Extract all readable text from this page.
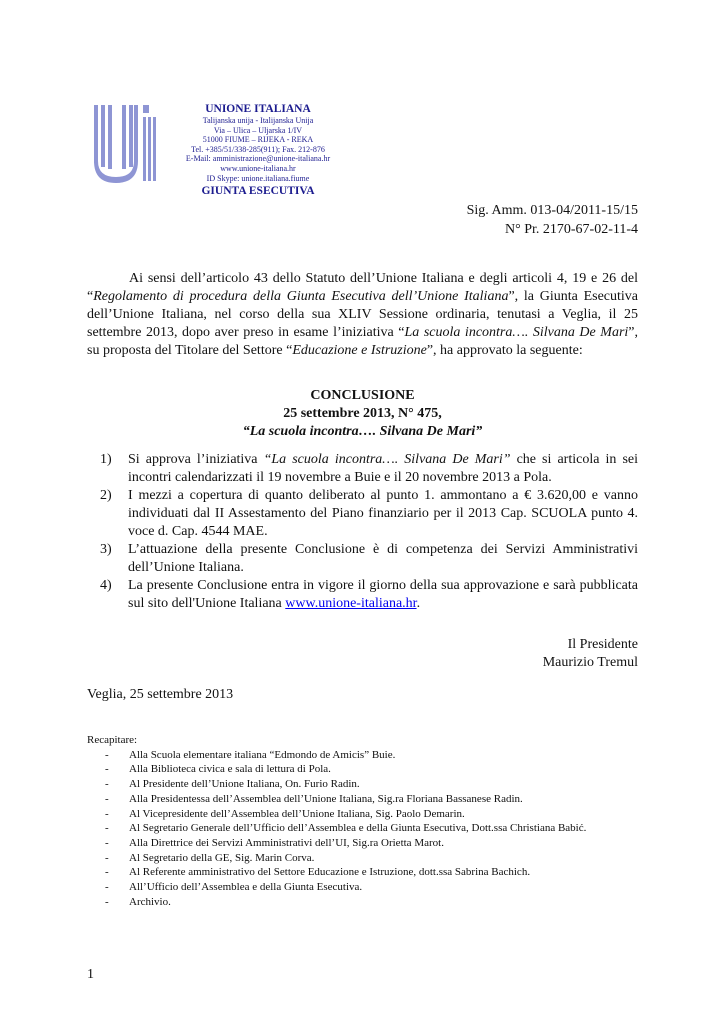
UNIONE ITALIANA
Talijanska unija - Italijanska Unija
Via – Ulica – Uljarska 1/IV
51000 FIUME – RIJEKA - REKA
Tel. +385/51/338-285(911); Fax. 212-876
E-Mail: amministrazione@unione-italiana.hr
www.unione-italiana.hr
ID Skype: unione.italiana.fiume
GIUNTA ESECUTIVA
Sig. Amm. 013-04/2011-15/15
N° Pr. 2170-67-02-11-4
Ai sensi dell’articolo 43 dello Statuto dell’Unione Italiana e degli articoli 4, 19 e 26 del “Regolamento di procedura della Giunta Esecutiva dell’Unione Italiana”, la Giunta Esecutiva dell’Unione Italiana, nel corso della sua XLIV Sessione ordinaria, tenutasi a Veglia, il 25 settembre 2013, dopo aver preso in esame l’iniziativa “La scuola incontra…. Silvana De Mari”, su proposta del Titolare del Settore “Educazione e Istruzione”, ha approvato la seguente:
CONCLUSIONE
25 settembre 2013, N° 475,
“La scuola incontra…. Silvana De Mari”
1) Si approva l’iniziativa “La scuola incontra…. Silvana De Mari” che si articola in sei incontri calendarizzati il 19 novembre a Buie e il 20 novembre 2013 a Pola.
2) I mezzi a copertura di quanto deliberato al punto 1. ammontano a € 3.620,00 e vanno individuati dal II Assestamento del Piano finanziario per il 2013 Cap. SCUOLA punto 4. voce d. Cap. 4544 MAE.
3) L’attuazione della presente Conclusione è di competenza dei Servizi Amministrativi dell’Unione Italiana.
4) La presente Conclusione entra in vigore il giorno della sua approvazione e sarà pubblicata sul sito dell'Unione Italiana www.unione-italiana.hr.
Il Presidente
Maurizio Tremul
Veglia, 25 settembre 2013
Recapitare:
- Alla Scuola elementare italiana “Edmondo de Amicis” Buie.
- Alla Biblioteca civica e sala di lettura di Pola.
- Al Presidente dell’Unione Italiana, On. Furio Radin.
- Alla Presidentessa dell’Assemblea dell’Unione Italiana, Sig.ra Floriana Bassanese Radin.
- Al Vicepresidente dell’Assemblea dell’Unione Italiana, Sig. Paolo Demarin.
- Al Segretario Generale dell’Ufficio dell’Assemblea e della Giunta Esecutiva, Dott.ssa Christiana Babić.
- Alla Direttrice dei Servizi Amministrativi dell’UI, Sig.ra Orietta Marot.
- Al Segretario della GE, Sig. Marin Corva.
- Al Referente amministrativo del Settore Educazione e Istruzione, dott.ssa Sabrina Bachich.
- All’Ufficio dell’Assemblea e della Giunta Esecutiva.
- Archivio.
1
